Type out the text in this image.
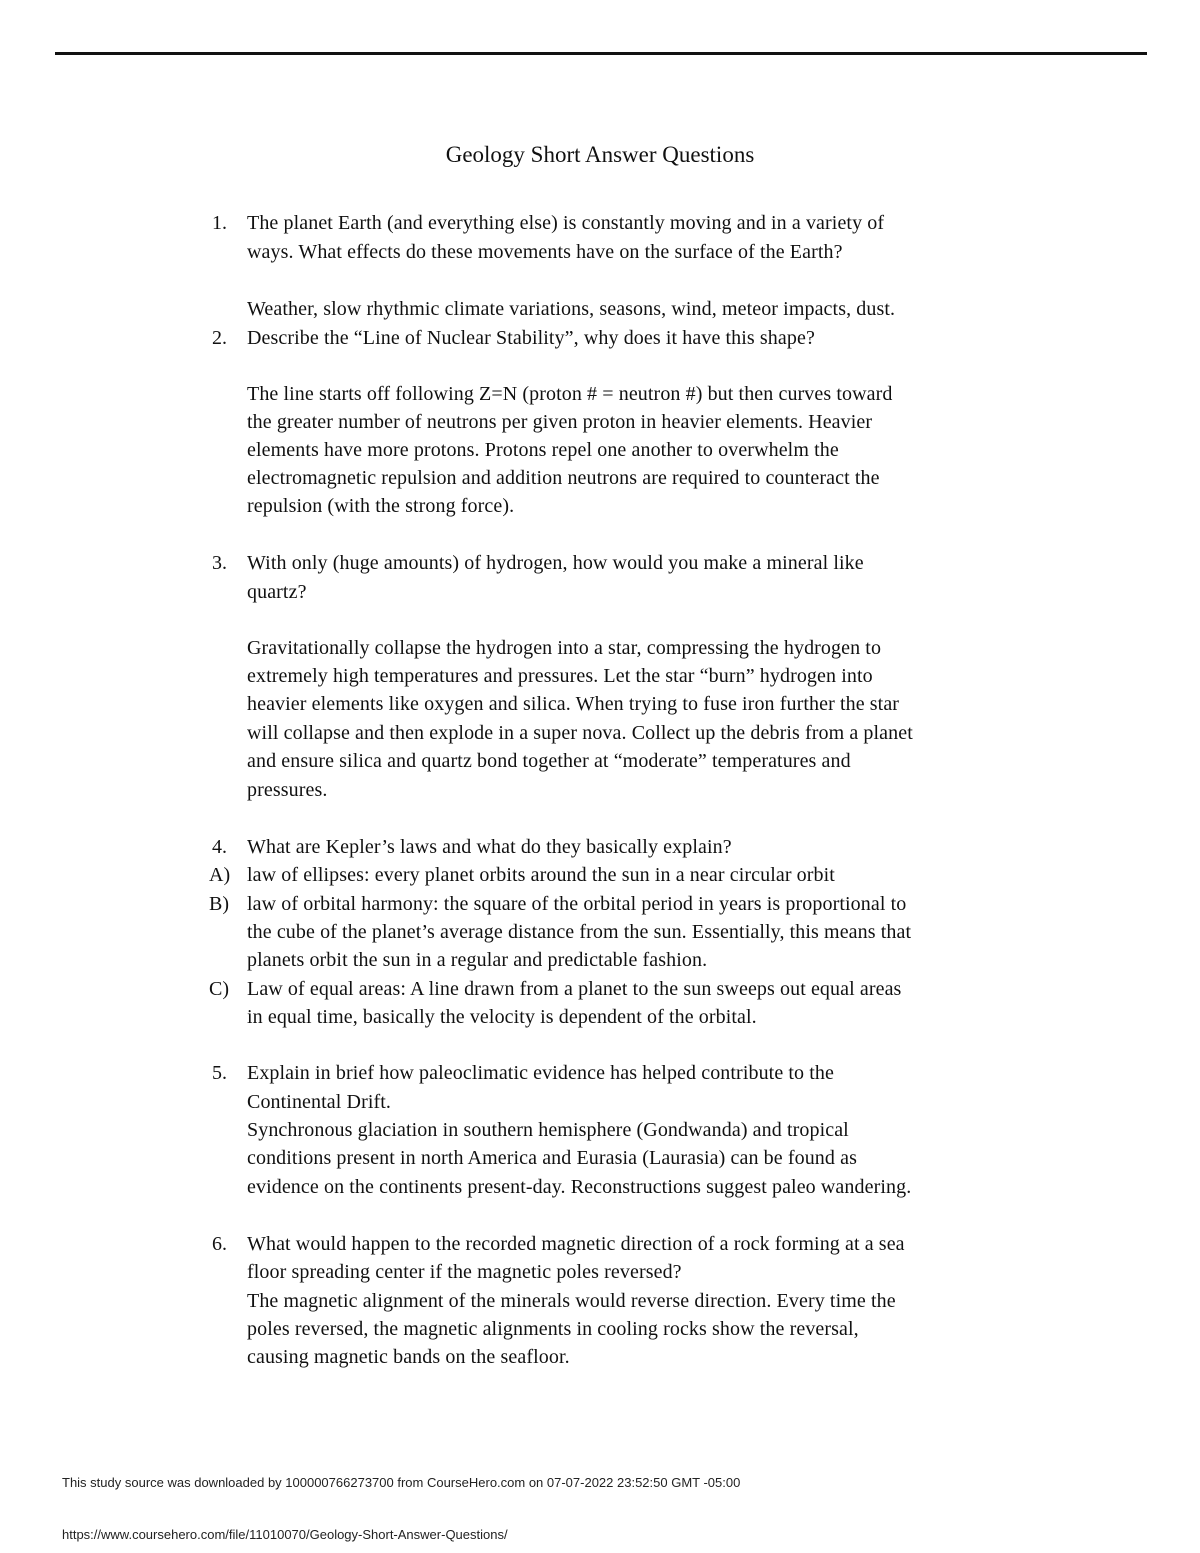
Geology Short Answer Questions
1. The planet Earth (and everything else) is constantly moving and in a variety of
ways. What effects do these movements have on the surface of the Earth?
Weather, slow rhythmic climate variations, seasons, wind, meteor impacts, dust.
2. Describe the “Line of Nuclear Stability”, why does it have this shape?
The line starts off following Z=N (proton # = neutron #) but then curves toward
the greater number of neutrons per given proton in heavier elements. Heavier
elements have more protons. Protons repel one another to overwhelm the
electromagnetic repulsion and addition neutrons are required to counteract the
repulsion (with the strong force).
3. With only (huge amounts) of hydrogen, how would you make a mineral like
quartz?
Gravitationally collapse the hydrogen into a star, compressing the hydrogen to
extremely high temperatures and pressures. Let the star “burn” hydrogen into
heavier elements like oxygen and silica. When trying to fuse iron further the star
will collapse and then explode in a super nova. Collect up the debris from a planet
and ensure silica and quartz bond together at “moderate” temperatures and
pressures.
4. What are Kepler’s laws and what do they basically explain?
A) law of ellipses: every planet orbits around the sun in a near circular orbit
B) law of orbital harmony: the square of the orbital period in years is proportional to
the cube of the planet’s average distance from the sun. Essentially, this means that
planets orbit the sun in a regular and predictable fashion.
C) Law of equal areas: A line drawn from a planet to the sun sweeps out equal areas
in equal time, basically the velocity is dependent of the orbital.
5. Explain in brief how paleoclimatic evidence has helped contribute to the
Continental Drift.
Synchronous glaciation in southern hemisphere (Gondwanda) and tropical
conditions present in north America and Eurasia (Laurasia) can be found as
evidence on the continents present-day. Reconstructions suggest paleo wandering.
6. What would happen to the recorded magnetic direction of a rock forming at a sea
floor spreading center if the magnetic poles reversed?
The magnetic alignment of the minerals would reverse direction. Every time the
poles reversed, the magnetic alignments in cooling rocks show the reversal,
causing magnetic bands on the seafloor.
This study source was downloaded by 100000766273700 from CourseHero.com on 07-07-2022 23:52:50 GMT -05:00
https://www.coursehero.com/file/11010070/Geology-Short-Answer-Questions/
